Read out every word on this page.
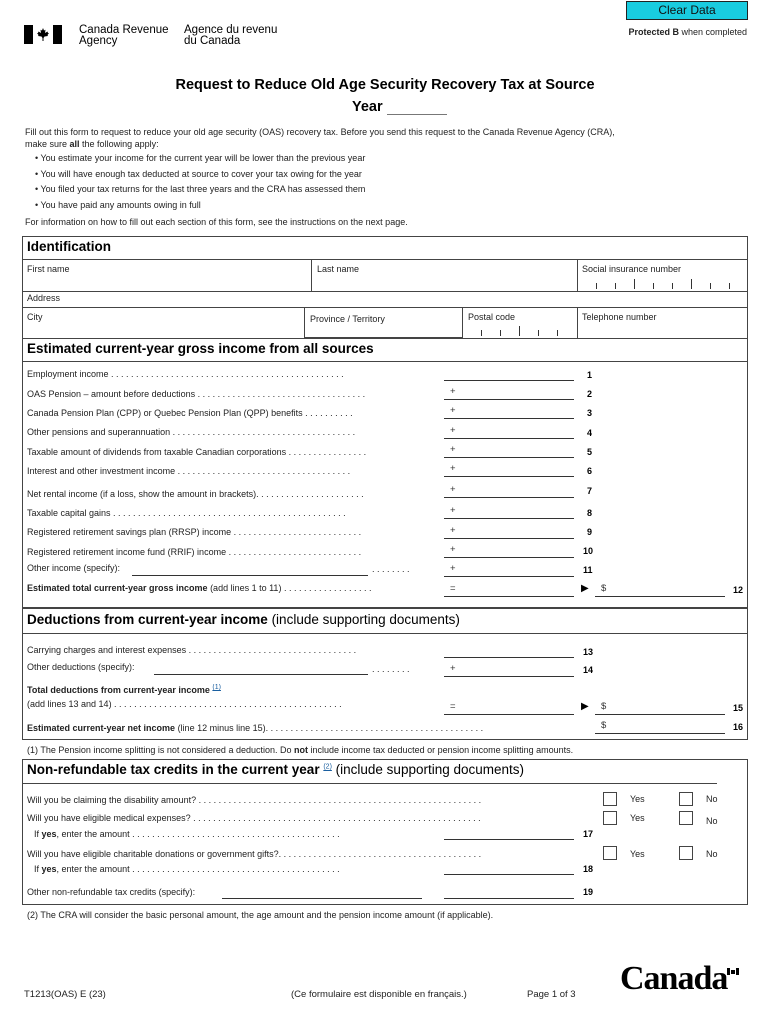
Canada Revenue
Agency
Agence du revenu
du Canada
Clear Data
Protected B when completed
Request to Reduce Old Age Security Recovery Tax at Source
Year
Fill out this form to request to reduce your old age security (OAS) recovery tax. Before you send this request to the Canada Revenue Agency (CRA),
make sure all the following apply:
• You estimate your income for the current year will be lower than the previous year
• You will have enough tax deducted at source to cover your tax owing for the year
• You filed your tax returns for the last three years and the CRA has assessed them
• You have paid any amounts owing in full
For information on how to fill out each section of this form, see the instructions on the next page.
Identification
First name	Last name	Social insurance number
Address
City	Province / Territory	Postal code	Telephone number
Estimated current-year gross income from all sources
Employment income . . . . . . . . . . . . . . . . . . . . . . . . . . . . . . . . . . . . . . . . . . . . . . .	1
OAS Pension – amount before deductions . . . . . . . . . . . . . . . . . . . . . . . . . . . . . . . . . .	+	2
Canada Pension Plan (CPP) or Quebec Pension Plan (QPP) benefits . . . . . . . . . .	+	3
Other pensions and superannuation . . . . . . . . . . . . . . . . . . . . . . . . . . . . . . . . . . . . .	+	4
Taxable amount of dividends from taxable Canadian corporations . . . . . . . . . . . . . . . .	+	5
Interest and other investment income . . . . . . . . . . . . . . . . . . . . . . . . . . . . . . . . . . .	+	6
Net rental income (if a loss, show the amount in brackets). . . . . . . . . . . . . . . . . . . . . .	+	7
Taxable capital gains . . . . . . . . . . . . . . . . . . . . . . . . . . . . . . . . . . . . . . . . . . . . . . .	+	8
Registered retirement savings plan (RRSP) income . . . . . . . . . . . . . . . . . . . . . . . . . .	+	9
Registered retirement income fund (RRIF) income . . . . . . . . . . . . . . . . . . . . . . . . . . .	+	10
Other income (specify):	. . . . . . . .	+	11
Estimated total current-year gross income (add lines 1 to 11) . . . . . . . . . . . . . . . . . .	=	▶	$	12
Deductions from current-year income (include supporting documents)
Carrying charges and interest expenses . . . . . . . . . . . . . . . . . . . . . . . . . . . . . . . . . .	13
Other deductions (specify):	. . . . . . . .	+	14
Total deductions from current-year income $^{(1)}$
(add lines 13 and 14) . . . . . . . . . . . . . . . . . . . . . . . . . . . . . . . . . . . . . . . . . . . . . .	=	▶	$	15
Estimated current-year net income (line 12 minus line 15). . . . . . . . . . . . . . . . . . . . . . . . . . . . . . . . . . . . . . . . . . . .	$	16
(1) The Pension income splitting is not considered a deduction. Do not include income tax deducted or pension income splitting amounts.
Non-refundable tax credits in the current year $^{(2)}$ (include supporting documents)
Will you be claiming the disability amount? . . . . . . . . . . . . . . . . . . . . . . . . . . . . . . . . . . . . . . . . . . . . . . . . . . . . . . . . .	Yes	No
Will you have eligible medical expenses? . . . . . . . . . . . . . . . . . . . . . . . . . . . . . . . . . . . . . . . . . . . . . . . . . . . . . . . . . .	Yes	No
If yes, enter the amount . . . . . . . . . . . . . . . . . . . . . . . . . . . . . . . . . . . . . . . . . .	17
Will you have eligible charitable donations or government gifts?. . . . . . . . . . . . . . . . . . . . . . . . . . . . . . . . . . . . . . . . .	Yes	No
If yes, enter the amount . . . . . . . . . . . . . . . . . . . . . . . . . . . . . . . . . . . . . . . . . .	18
Other non-refundable tax credits (specify):	19
(2) The CRA will consider the basic personal amount, the age amount and the pension income amount (if applicable).
T1213(OAS) E (23)	(Ce formulaire est disponible en français.)	Page 1 of 3 Canada
